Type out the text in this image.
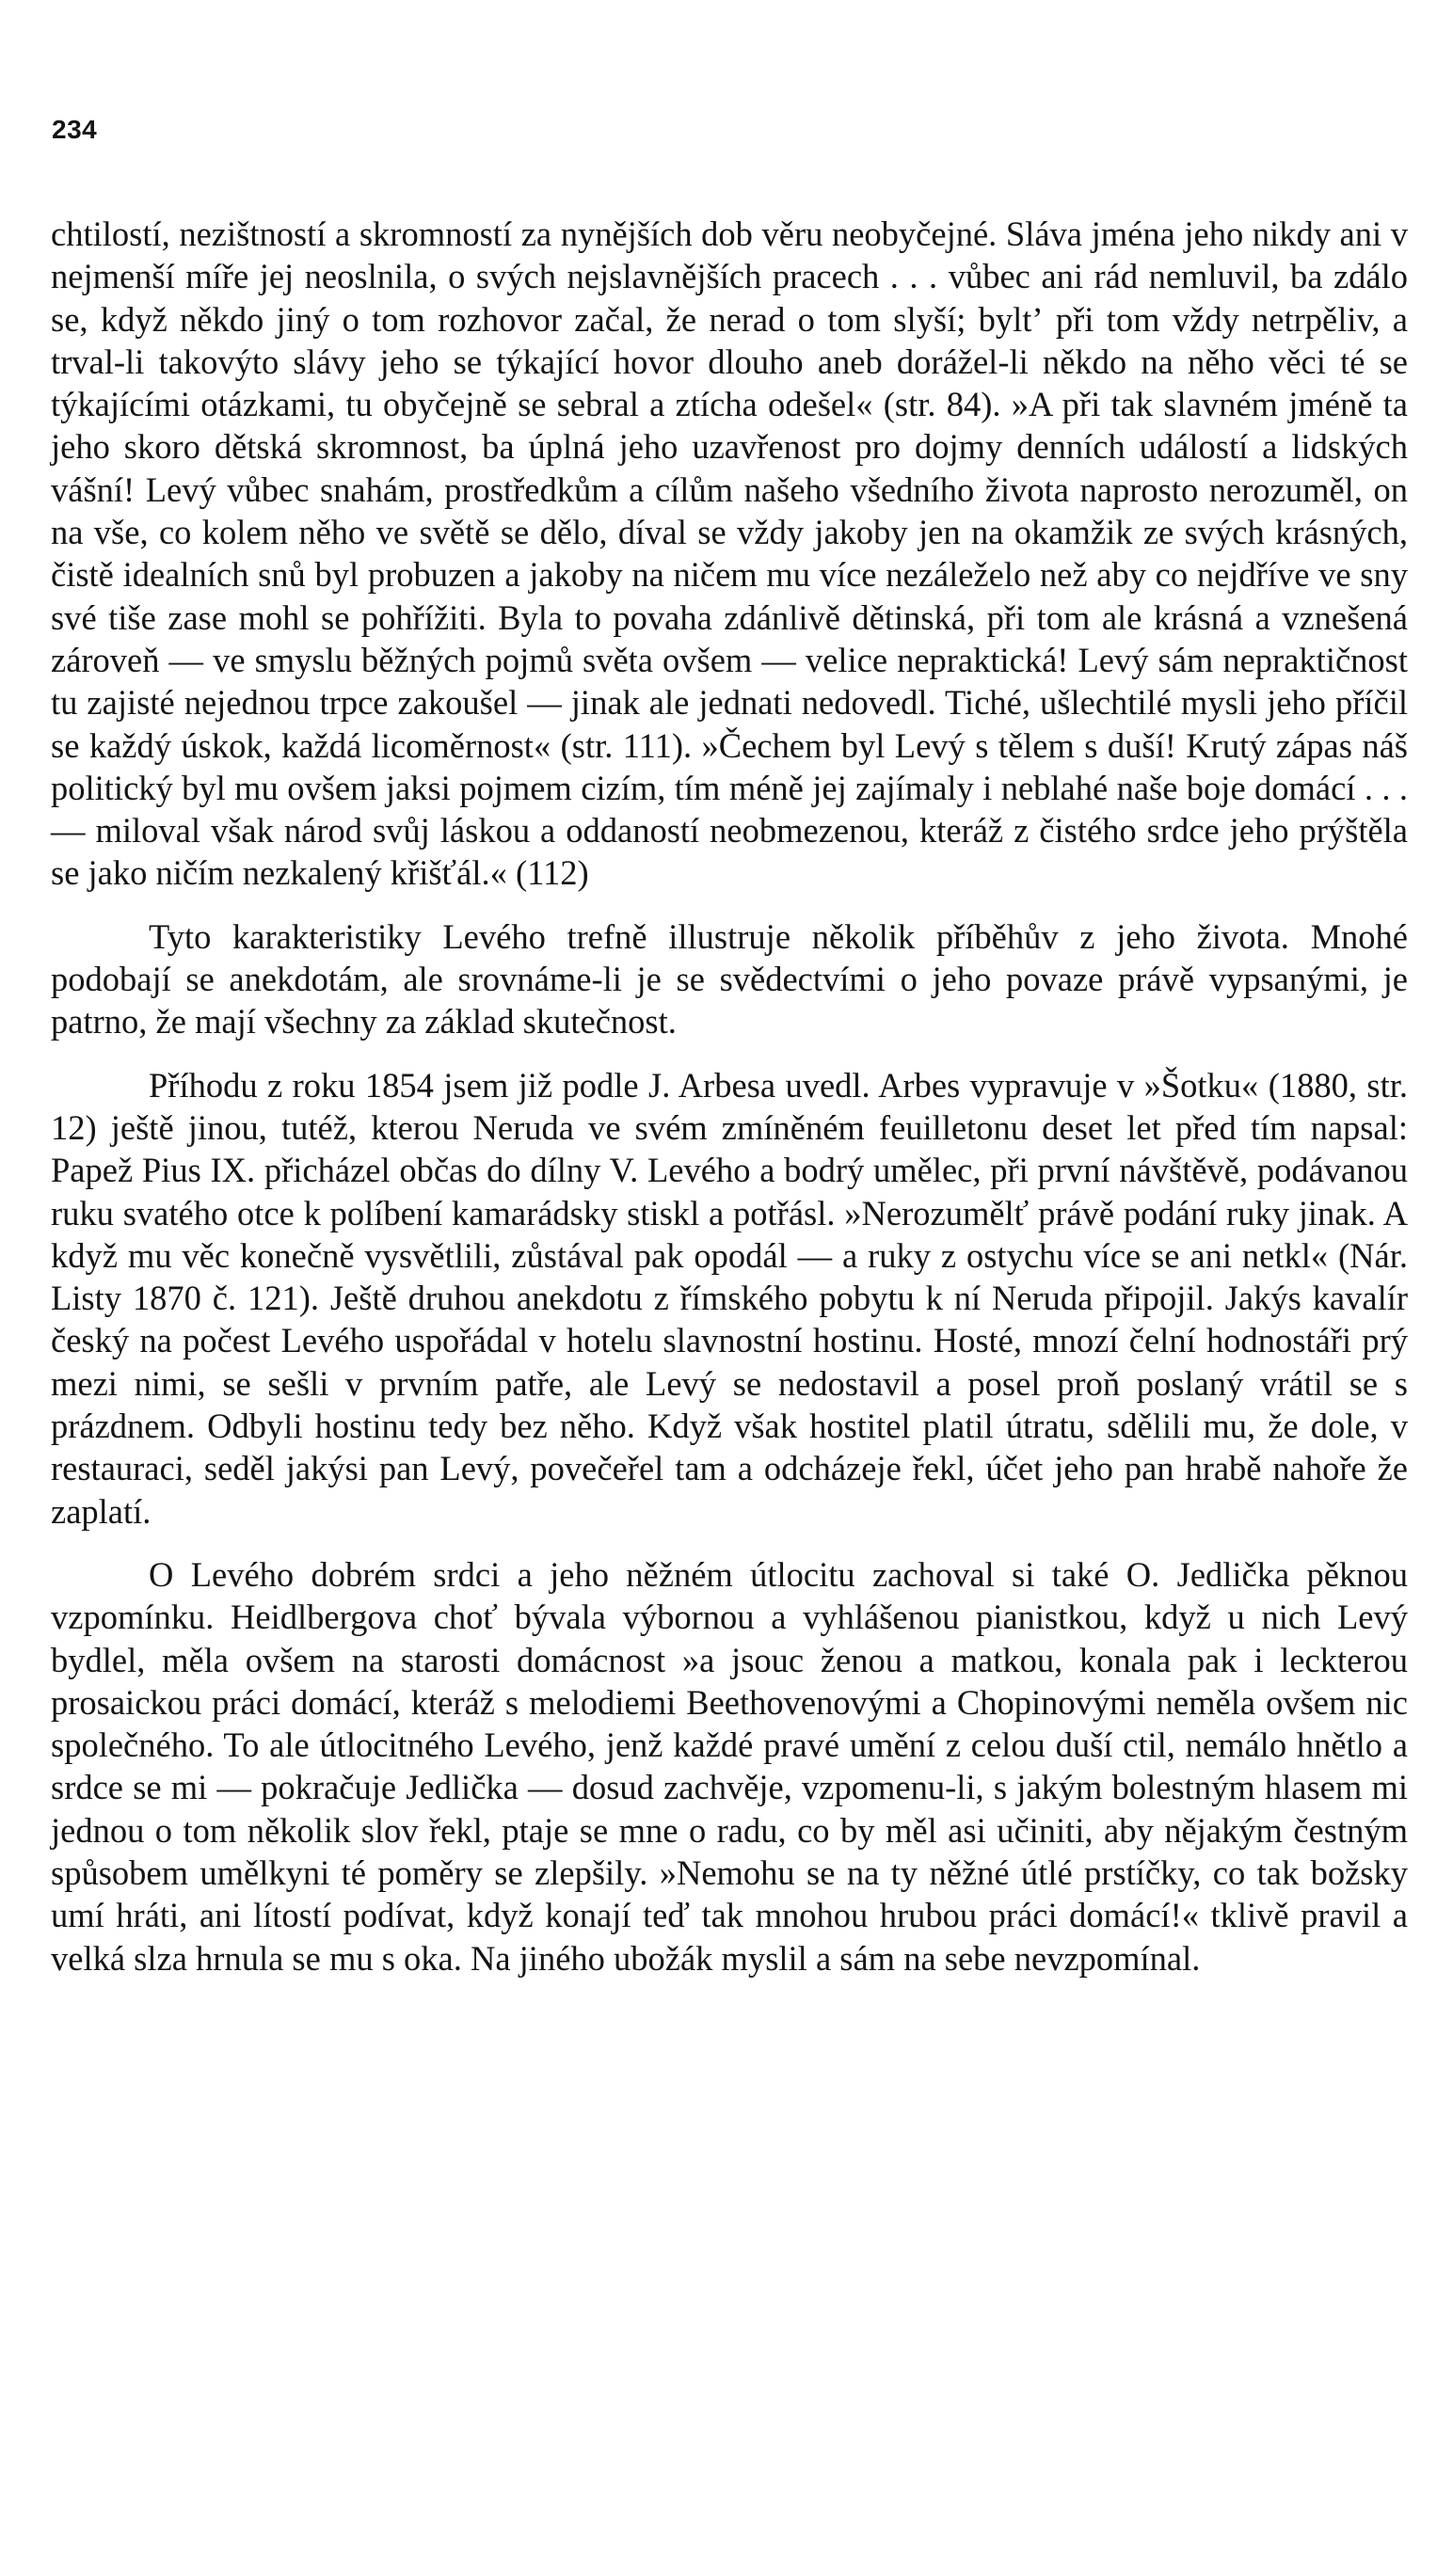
234

chtilostí, nezištností a skromností za nynějších dob věru neobyčejné. Sláva jména jeho nikdy ani v nejmenší míře jej neoslnila, o svých nejslavnějších pracech . . . vůbec ani rád nemluvil, ba zdálo se, když někdo jiný o tom rozhovor začal, že nerad o tom slyší; byltʼ při tom vždy netrpěliv, a trval-li takovýto slávy jeho se týkající hovor dlouho aneb dorážel-li někdo na něho věci té se týkajícími otázkami, tu obyčejně se sebral a ztícha odešel« (str. 84). »A při tak slavném jméně ta jeho skoro dětská skromnost, ba úplná jeho uzavřenost pro dojmy denních událostí a lidských vášní! Levý vůbec snahám, prostředkům a cílům našeho všedního života naprosto nerozuměl, on na vše, co kolem něho ve světě se dělo, díval se vždy jakoby jen na okamžik ze svých krásných, čistě idealních snů byl probuzen a jakoby na ničem mu více nezáleželo než aby co nejdříve ve sny své tiše zase mohl se pohřížiti. Byla to povaha zdánlivě dětinská, při tom ale krásná a vznešená zároveň — ve smyslu běžných pojmů světa ovšem — velice nepraktická! Levý sám nepraktičnost tu zajisté nejednou trpce zakoušel — jinak ale jednati nedovedl. Tiché, ušlechtilé mysli jeho příčil se každý úskok, každá licoměrnost« (str. 111). »Čechem byl Levý s tělem s duší! Krutý zápas náš politický byl mu ovšem jaksi pojmem cizím, tím méně jej zajímaly i neblahé naše boje domácí . . . — miloval však národ svůj láskou a oddaností neobmezenou, kteráž z čistého srdce jeho prýštěla se jako ničím nezkalený křišťál.« (112)

Tyto karakteristiky Levého trefně illustruje několik příběhův z jeho života. Mnohé podobají se anekdotám, ale srovnáme-li je se svědectvími o jeho povaze právě vypsanými, je patrno, že mají všechny za základ skutečnost.

Příhodu z roku 1854 jsem již podle J. Arbesa uvedl. Arbes vypravuje v »Šotku« (1880, str. 12) ještě jinou, tutéž, kterou Neruda ve svém zmíněném feuilletonu deset let před tím napsal: Papež Pius IX. přicházel občas do dílny V. Levého a bodrý umělec, při první návštěvě, podávanou ruku svatého otce k políbení kamarádsky stiskl a potřásl. »Nerozumělť právě podání ruky jinak. A když mu věc konečně vysvětlili, zůstával pak opodál — a ruky z ostychu více se ani netkl« (Nár. Listy 1870 č. 121). Ještě druhou anekdotu z římského pobytu k ní Neruda připojil. Jakýs kavalír český na počest Levého uspořádal v hotelu slavnostní hostinu. Hosté, mnozí čelní hodnostáři prý mezi nimi, se sešli v prvním patře, ale Levý se nedostavil a posel proň poslaný vrátil se s prázdnem. Odbyli hostinu tedy bez něho. Když však hostitel platil útratu, sdělili mu, že dole, v restauraci, seděl jakýsi pan Levý, povečeřel tam a odcházeje řekl, účet jeho pan hrabě nahoře že zaplatí.

O Levého dobrém srdci a jeho něžném útlocitu zachoval si také O. Jedlička pěknou vzpomínku. Heidlbergova choť bývala výbornou a vyhlášenou pianistkou, když u nich Levý bydlel, měla ovšem na starosti domácnost »a jsouc ženou a matkou, konala pak i leckterou prosaickou práci domácí, kteráž s melodiemi Beethovenovými a Chopinovými neměla ovšem nic společného. To ale útlocitného Levého, jenž každé pravé umění z celou duší ctil, nemálo hnětlo a srdce se mi — pokračuje Jedlička — dosud zachvěje, vzpomenu-li, s jakým bolestným hlasem mi jednou o tom několik slov řekl, ptaje se mne o radu, co by měl asi učiniti, aby nějakým čestným spůsobem umělkyni té poměry se zlepšily. »Nemohu se na ty něžné útlé prstíčky, co tak božsky umí hráti, ani lítostí podívat, když konají teď tak mnohou hrubou práci domácí!« tklivě pravil a velká slza hrnula se mu s oka. Na jiného ubožák myslil a sám na sebe nevzpomínal.
